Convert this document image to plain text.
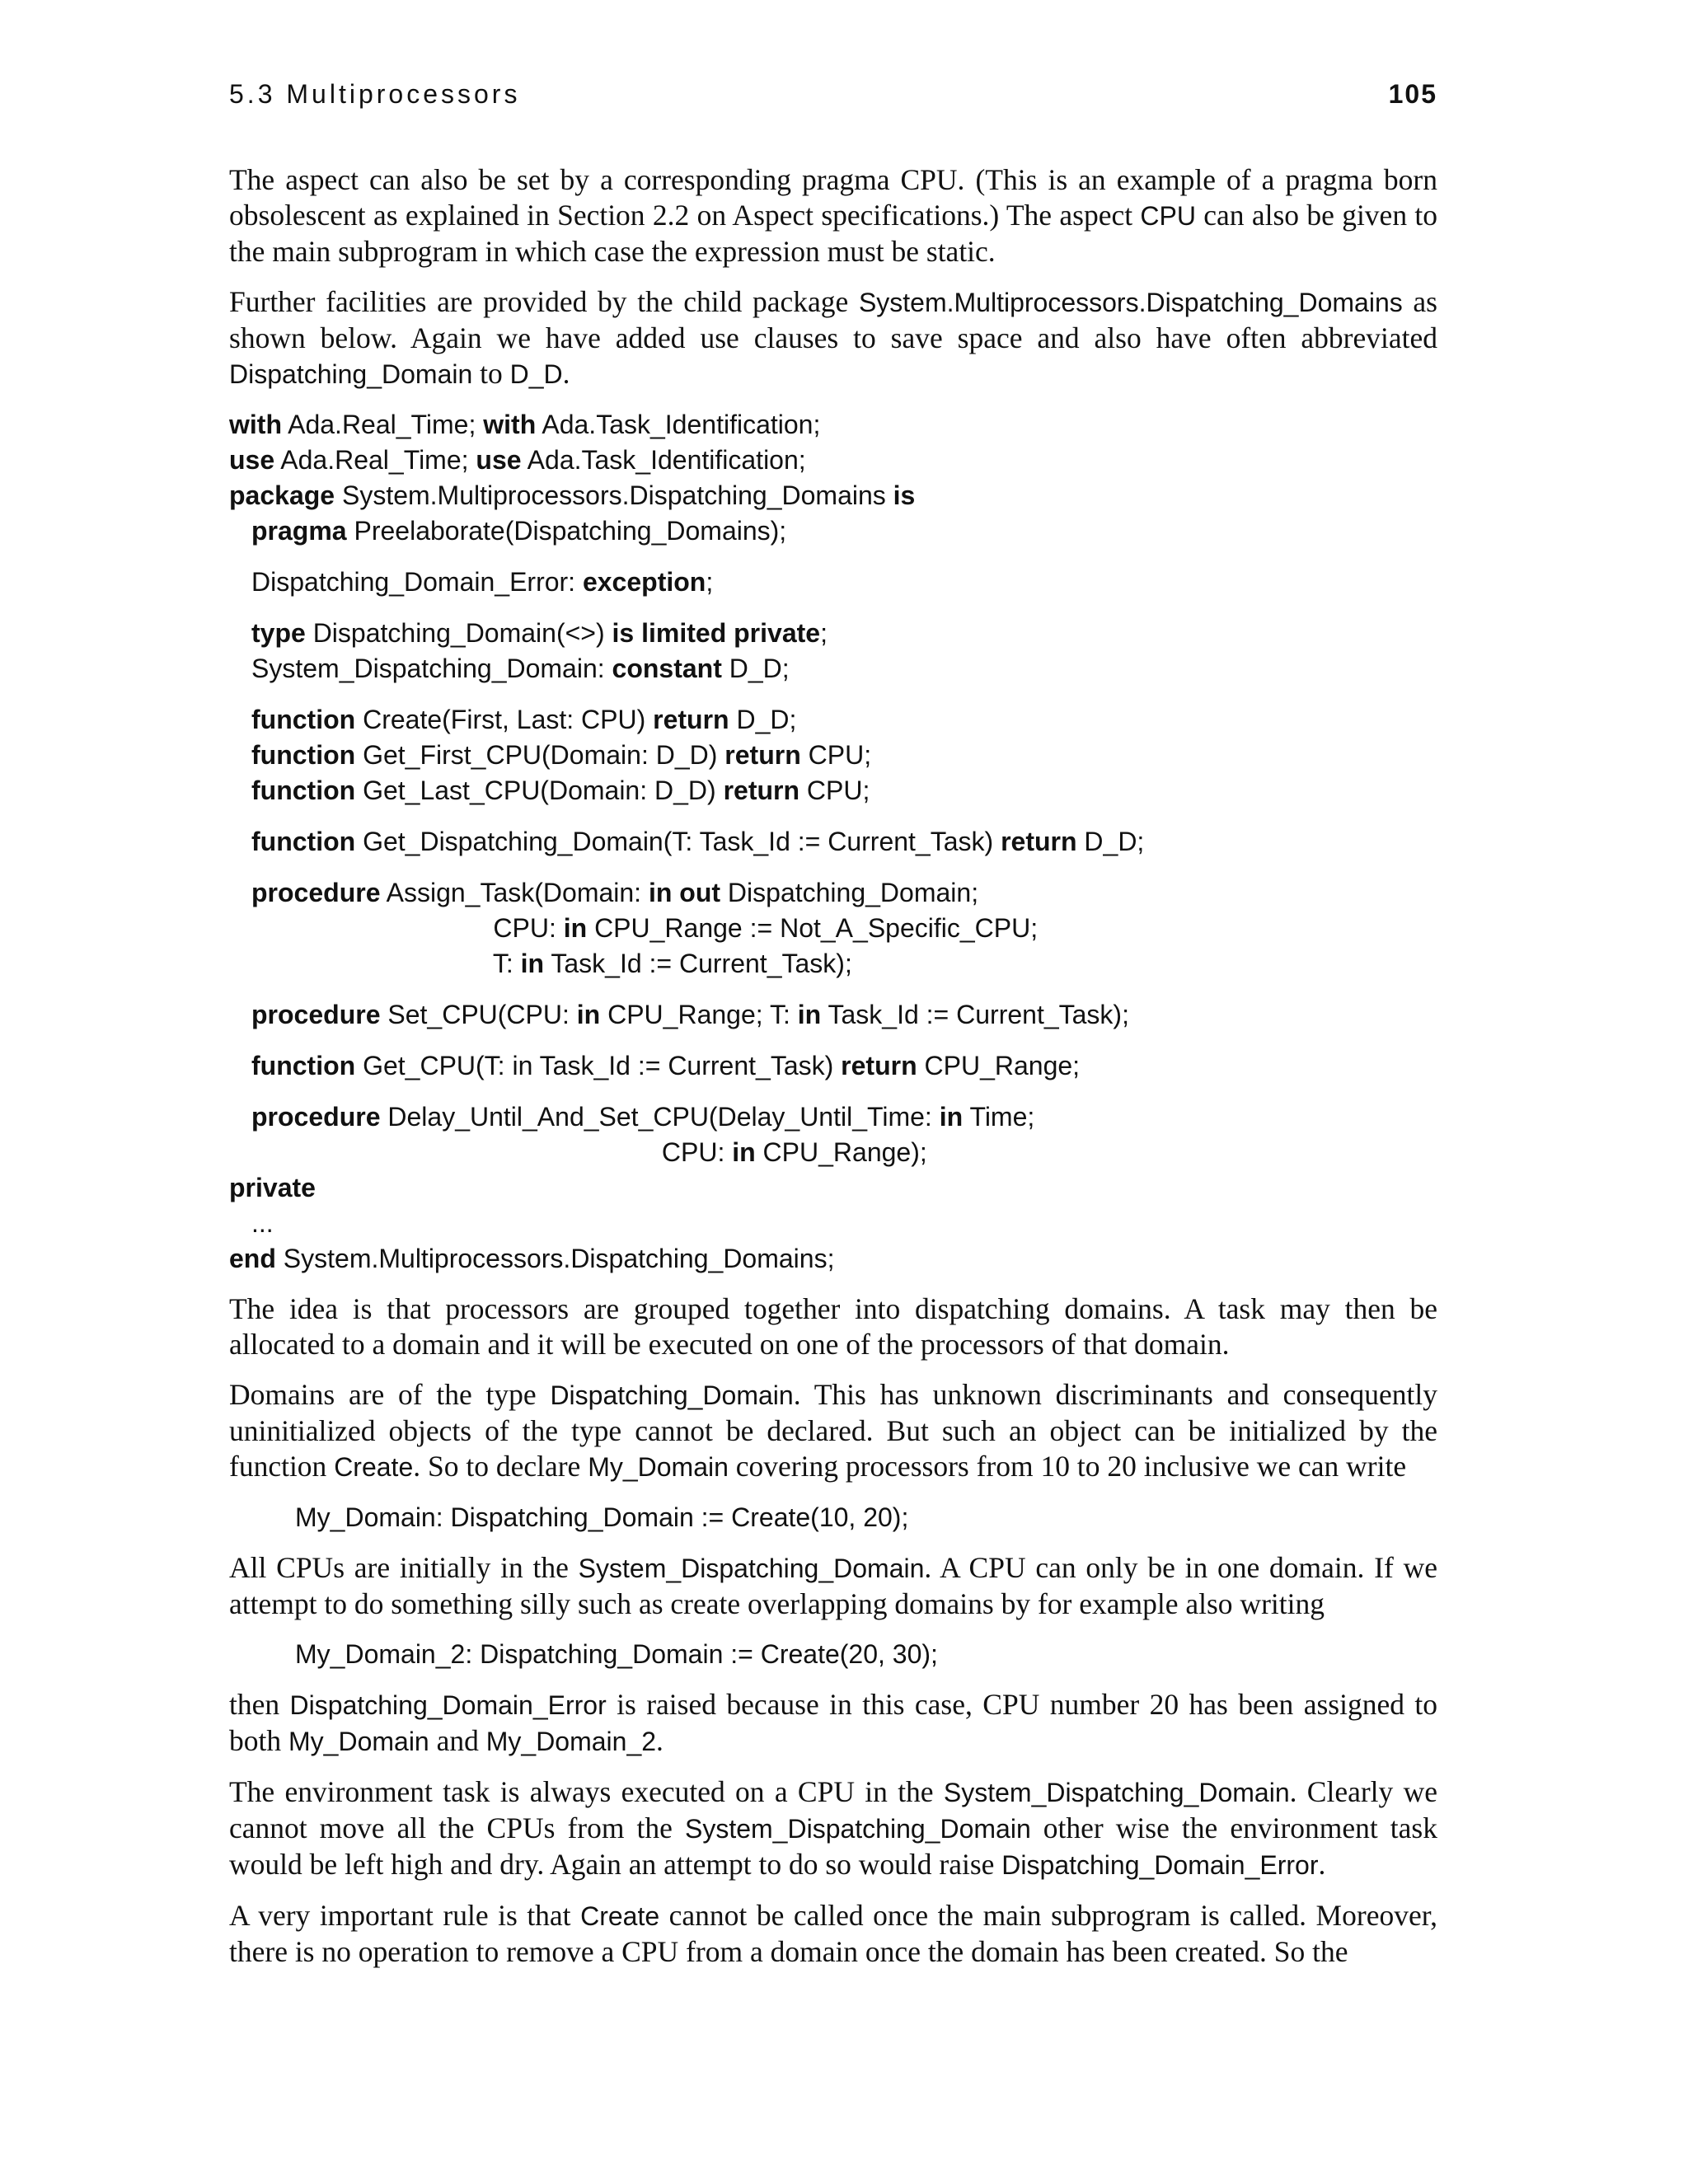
5.3 Multiprocessors	105

The aspect can also be set by a corresponding pragma CPU. (This is an example of a pragma born obsolescent as explained in Section 2.2 on Aspect specifications.) The aspect CPU can also be given to the main subprogram in which case the expression must be static.

Further facilities are provided by the child package System.Multiprocessors.Dispatching_Domains as shown below. Again we have added use clauses to save space and also have often abbreviated Dispatching_Domain to D_D.

with Ada.Real_Time; with Ada.Task_Identification;
use Ada.Real_Time; use Ada.Task_Identification;
package System.Multiprocessors.Dispatching_Domains is
pragma Preelaborate(Dispatching_Domains);
Dispatching_Domain_Error: exception;
type Dispatching_Domain(<>) is limited private;
System_Dispatching_Domain: constant D_D;
function Create(First, Last: CPU) return D_D;
function Get_First_CPU(Domain: D_D) return CPU;
function Get_Last_CPU(Domain: D_D) return CPU;
function Get_Dispatching_Domain(T: Task_Id := Current_Task) return D_D;
procedure Assign_Task(Domain: in out Dispatching_Domain;
CPU: in CPU_Range := Not_A_Specific_CPU;
T: in Task_Id := Current_Task);
procedure Set_CPU(CPU: in CPU_Range; T: in Task_Id := Current_Task);
function Get_CPU(T: in Task_Id := Current_Task) return CPU_Range;
procedure Delay_Until_And_Set_CPU(Delay_Until_Time: in Time;
CPU: in CPU_Range);
private
...
end System.Multiprocessors.Dispatching_Domains;

The idea is that processors are grouped together into dispatching domains. A task may then be allocated to a domain and it will be executed on one of the processors of that domain.

Domains are of the type Dispatching_Domain. This has unknown discriminants and consequently uninitialized objects of the type cannot be declared. But such an object can be initialized by the function Create. So to declare My_Domain covering processors from 10 to 20 inclusive we can write

My_Domain: Dispatching_Domain := Create(10, 20);

All CPUs are initially in the System_Dispatching_Domain. A CPU can only be in one domain. If we attempt to do something silly such as create overlapping domains by for example also writing

My_Domain_2: Dispatching_Domain := Create(20, 30);

then Dispatching_Domain_Error is raised because in this case, CPU number 20 has been assigned to both My_Domain and My_Domain_2.

The environment task is always executed on a CPU in the System_Dispatching_Domain. Clearly we cannot move all the CPUs from the System_Dispatching_Domain other wise the environment task would be left high and dry. Again an attempt to do so would raise Dispatching_Domain_Error.

A very important rule is that Create cannot be called once the main subprogram is called. Moreover, there is no operation to remove a CPU from a domain once the domain has been created. So the
